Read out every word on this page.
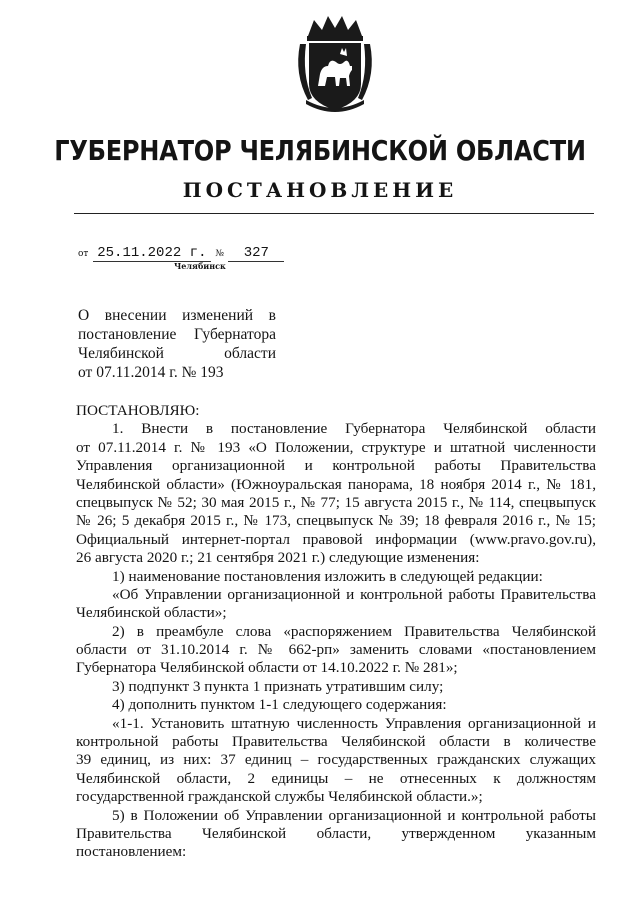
ГУБЕРНАТОР ЧЕЛЯБИНСКОЙ ОБЛАСТИ
ПОСТАНОВЛЕНИЕ
от 25.11.2022 г. № 327
Челябинск
О внесении изменений в
постановление Губернатора
Челябинской области
от 07.11.2014 г. № 193
ПОСТАНОВЛЯЮ:
1. Внести в постановление Губернатора Челябинской области
от 07.11.2014 г. № 193 «О Положении, структуре и штатной численности
Управления организационной и контрольной работы Правительства
Челябинской области» (Южноуральская панорама, 18 ноября 2014 г., № 181,
спецвыпуск № 52; 30 мая 2015 г., № 77; 15 августа 2015 г., № 114, спецвыпуск
№ 26; 5 декабря 2015 г., № 173, спецвыпуск № 39; 18 февраля 2016 г., № 15;
Официальный интернет-портал правовой информации (www.pravo.gov.ru),
26 августа 2020 г.; 21 сентября 2021 г.) следующие изменения:
1) наименование постановления изложить в следующей редакции:
«Об Управлении организационной и контрольной работы Правительства
Челябинской области»;
2) в преамбуле слова «распоряжением Правительства Челябинской
области от 31.10.2014 г. № 662-рп» заменить словами «постановлением
Губернатора Челябинской области от 14.10.2022 г. № 281»;
3) подпункт 3 пункта 1 признать утратившим силу;
4) дополнить пунктом 1-1 следующего содержания:
«1-1. Установить штатную численность Управления организационной и
контрольной работы Правительства Челябинской области в количестве
39 единиц, из них: 37 единиц – государственных гражданских служащих
Челябинской области, 2 единицы – не отнесенных к должностям
государственной гражданской службы Челябинской области.»;
5) в Положении об Управлении организационной и контрольной работы
Правительства Челябинской области, утвержденном указанным
постановлением:
